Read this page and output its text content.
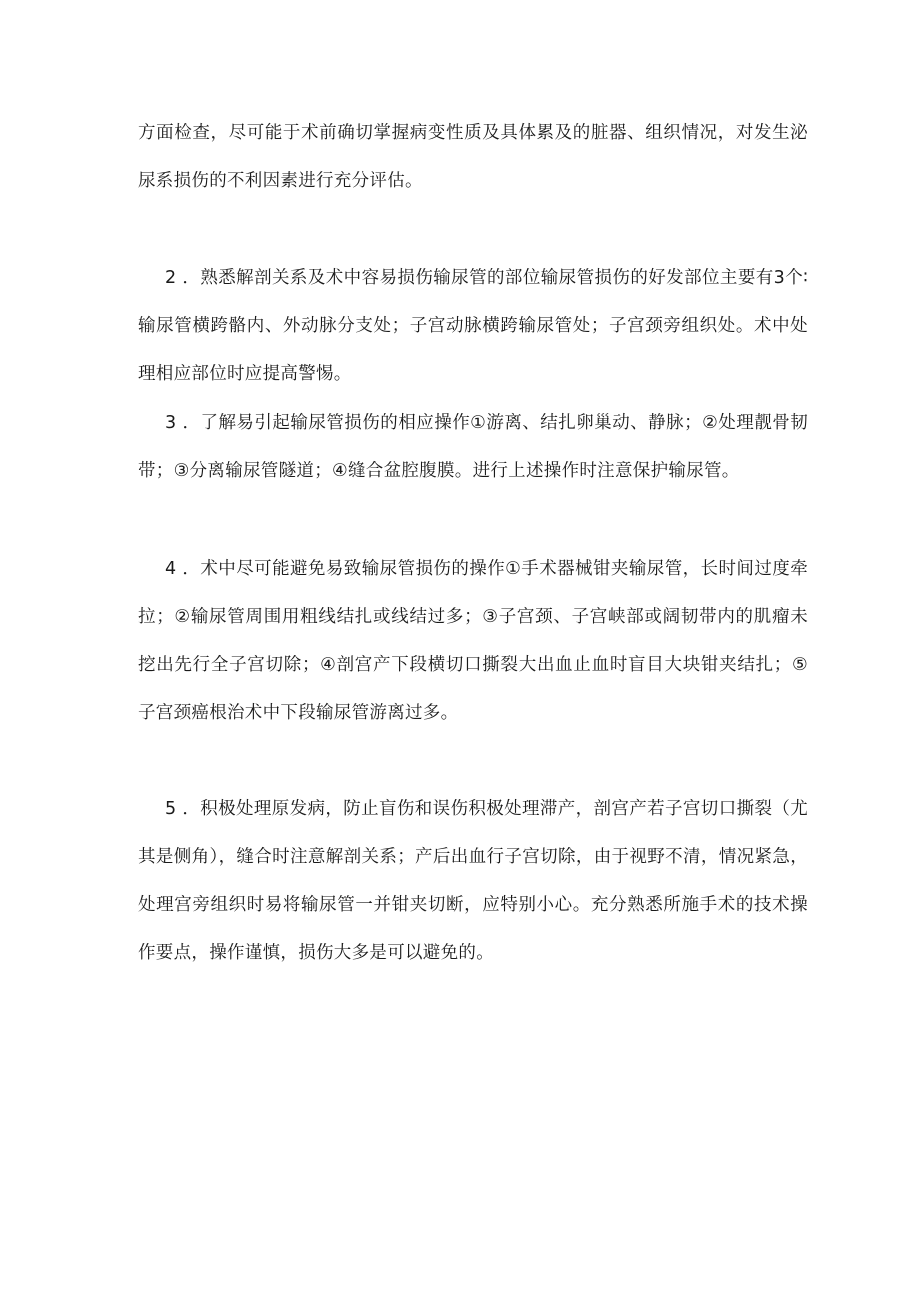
方面检查，尽可能于术前确切掌握病变性质及具体累及的脏器、组织情况，对发生泌尿系损伤的不利因素进行充分评估。

2 ．熟悉解剖关系及术中容易损伤输尿管的部位输尿管损伤的好发部位主要有3个∶输尿管横跨骼内、外动脉分支处；子宫动脉横跨输尿管处；子宫颈旁组织处。术中处理相应部位时应提高警惕。

3 ．了解易引起输尿管损伤的相应操作①游离、结扎卵巢动、静脉；②处理靓骨韧带；③分离输尿管隧道；④缝合盆腔腹膜。进行上述操作时注意保护输尿管。

4 ．术中尽可能避免易致输尿管损伤的操作①手术器械钳夹输尿管，长时间过度牵拉；②输尿管周围用粗线结扎或线结过多；③子宫颈、子宫峡部或阔韧带内的肌瘤未挖出先行全子宫切除；④剖宫产下段横切口撕裂大出血止血时盲目大块钳夹结扎；⑤子宫颈癌根治术中下段输尿管游离过多。

5 ．积极处理原发病，防止盲伤和误伤积极处理滞产，剖宫产若子宫切口撕裂（尤其是侧角），缝合时注意解剖关系；产后出血行子宫切除，由于视野不清，情况紧急，处理宫旁组织时易将输尿管一并钳夹切断，应特别小心。充分熟悉所施手术的技术操作要点，操作谨慎，损伤大多是可以避免的。
